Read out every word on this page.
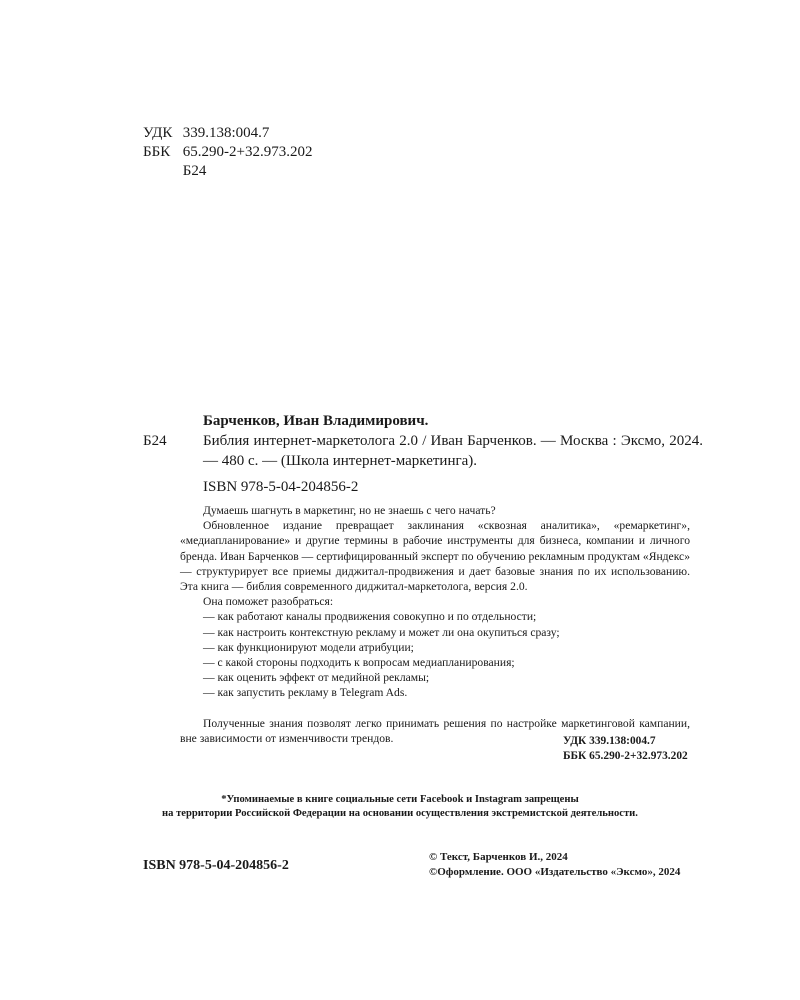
УДК 339.138:004.7
ББК 65.290-2+32.973.202
Б24
Барченков, Иван Владимирович.
Б24 Библия интернет-маркетолога 2.0 / Иван Барченков. — Москва : Эксмо, 2024. — 480 с. — (Школа интернет-маркетинга).
ISBN 978-5-04-204856-2

Думаешь шагнуть в маркетинг, но не знаешь с чего начать?

Обновленное издание превращает заклинания «сквозная аналитика», «ремаркетинг», «медиапланирование» и другие термины в рабочие инструменты для бизнеса, компании и личного бренда. Иван Барченков — сертифицированный эксперт по обучению рекламным продуктам «Яндекс» — структурирует все приемы диджитал-продвижения и дает базовые знания по их использованию. Эта книга — библия современного диджитал-маркетолога, версия 2.0.

Она поможет разобраться:

— как работают каналы продвижения совокупно и по отдельности;
— как настроить контекстную рекламу и может ли она окупиться сразу;
— как функционируют модели атрибуции;
— с какой стороны подходить к вопросам медиапланирования;
— как оценить эффект от медийной рекламы;
— как запустить рекламу в Telegram Ads.

Полученные знания позволят легко принимать решения по настройке маркетинговой кампании, вне зависимости от изменчивости трендов.	УДК 339.138:004.7
ББК 65.290-2+32.973.202
*Упоминаемые в книге социальные сети Facebook и Instagram запрещены
на территории Российской Федерации на основании осуществления экстремистской деятельности.
ISBN 978-5-04-204856-2
© Текст, Барченков И., 2024
©Оформление. ООО «Издательство «Эксмо», 2024
